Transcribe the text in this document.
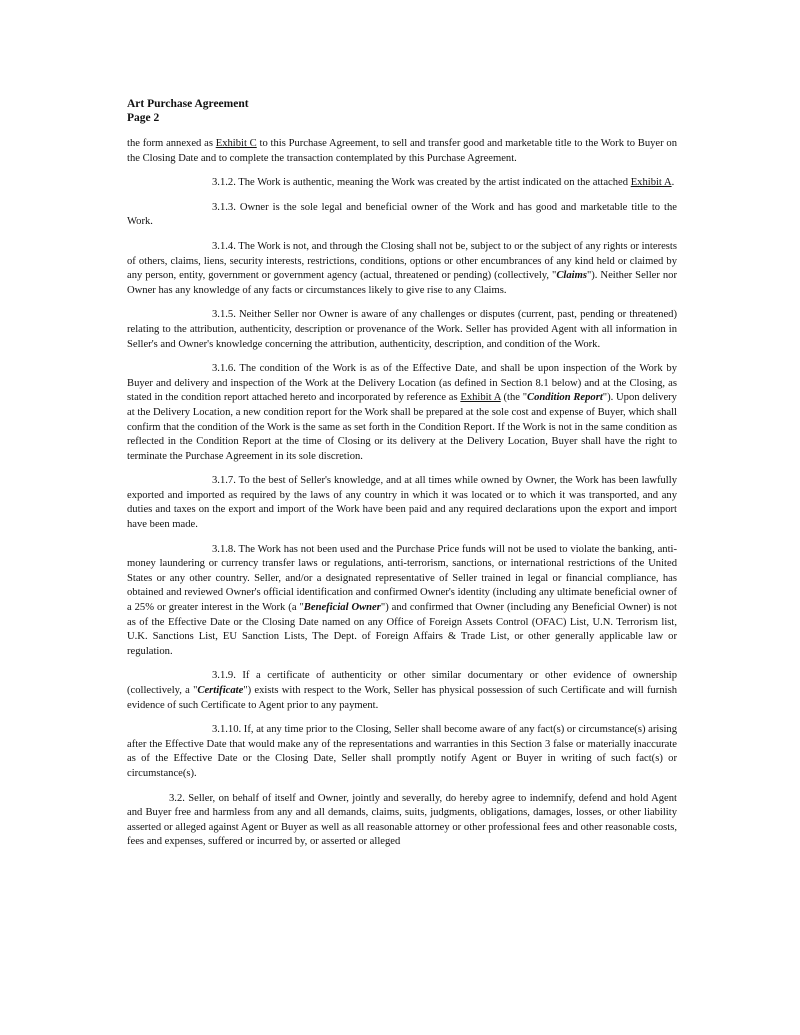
Art Purchase Agreement
Page 2

the form annexed as Exhibit C to this Purchase Agreement, to sell and transfer good and marketable title to the Work to Buyer on the Closing Date and to complete the transaction contemplated by this Purchase Agreement.

3.1.2. The Work is authentic, meaning the Work was created by the artist indicated on the attached Exhibit A.

3.1.3. Owner is the sole legal and beneficial owner of the Work and has good and marketable title to the Work.

3.1.4. The Work is not, and through the Closing shall not be, subject to or the subject of any rights or interests of others, claims, liens, security interests, restrictions, conditions, options or other encumbrances of any kind held or claimed by any person, entity, government or government agency (actual, threatened or pending) (collectively, "Claims"). Neither Seller nor Owner has any knowledge of any facts or circumstances likely to give rise to any Claims.

3.1.5. Neither Seller nor Owner is aware of any challenges or disputes (current, past, pending or threatened) relating to the attribution, authenticity, description or provenance of the Work. Seller has provided Agent with all information in Seller's and Owner's knowledge concerning the attribution, authenticity, description, and condition of the Work.

3.1.6. The condition of the Work is as of the Effective Date, and shall be upon inspection of the Work by Buyer and delivery and inspection of the Work at the Delivery Location (as defined in Section 8.1 below) and at the Closing, as stated in the condition report attached hereto and incorporated by reference as Exhibit A (the "Condition Report"). Upon delivery at the Delivery Location, a new condition report for the Work shall be prepared at the sole cost and expense of Buyer, which shall confirm that the condition of the Work is the same as set forth in the Condition Report. If the Work is not in the same condition as reflected in the Condition Report at the time of Closing or its delivery at the Delivery Location, Buyer shall have the right to terminate the Purchase Agreement in its sole discretion.

3.1.7. To the best of Seller's knowledge, and at all times while owned by Owner, the Work has been lawfully exported and imported as required by the laws of any country in which it was located or to which it was transported, and any duties and taxes on the export and import of the Work have been paid and any required declarations upon the export and import have been made.

3.1.8. The Work has not been used and the Purchase Price funds will not be used to violate the banking, anti-money laundering or currency transfer laws or regulations, anti-terrorism, sanctions, or international restrictions of the United States or any other country. Seller, and/or a designated representative of Seller trained in legal or financial compliance, has obtained and reviewed Owner's official identification and confirmed Owner's identity (including any ultimate beneficial owner of a 25% or greater interest in the Work (a "Beneficial Owner") and confirmed that Owner (including any Beneficial Owner) is not as of the Effective Date or the Closing Date named on any Office of Foreign Assets Control (OFAC) List, U.N. Terrorism list, U.K. Sanctions List, EU Sanction Lists, The Dept. of Foreign Affairs & Trade List, or other generally applicable law or regulation.

3.1.9. If a certificate of authenticity or other similar documentary or other evidence of ownership (collectively, a "Certificate") exists with respect to the Work, Seller has physical possession of such Certificate and will furnish evidence of such Certificate to Agent prior to any payment.

3.1.10. If, at any time prior to the Closing, Seller shall become aware of any fact(s) or circumstance(s) arising after the Effective Date that would make any of the representations and warranties in this Section 3 false or materially inaccurate as of the Effective Date or the Closing Date, Seller shall promptly notify Agent or Buyer in writing of such fact(s) or circumstance(s).

3.2. Seller, on behalf of itself and Owner, jointly and severally, do hereby agree to indemnify, defend and hold Agent and Buyer free and harmless from any and all demands, claims, suits, judgments, obligations, damages, losses, or other liability asserted or alleged against Agent or Buyer as well as all reasonable attorney or other professional fees and other reasonable costs, fees and expenses, suffered or incurred by, or asserted or alleged
